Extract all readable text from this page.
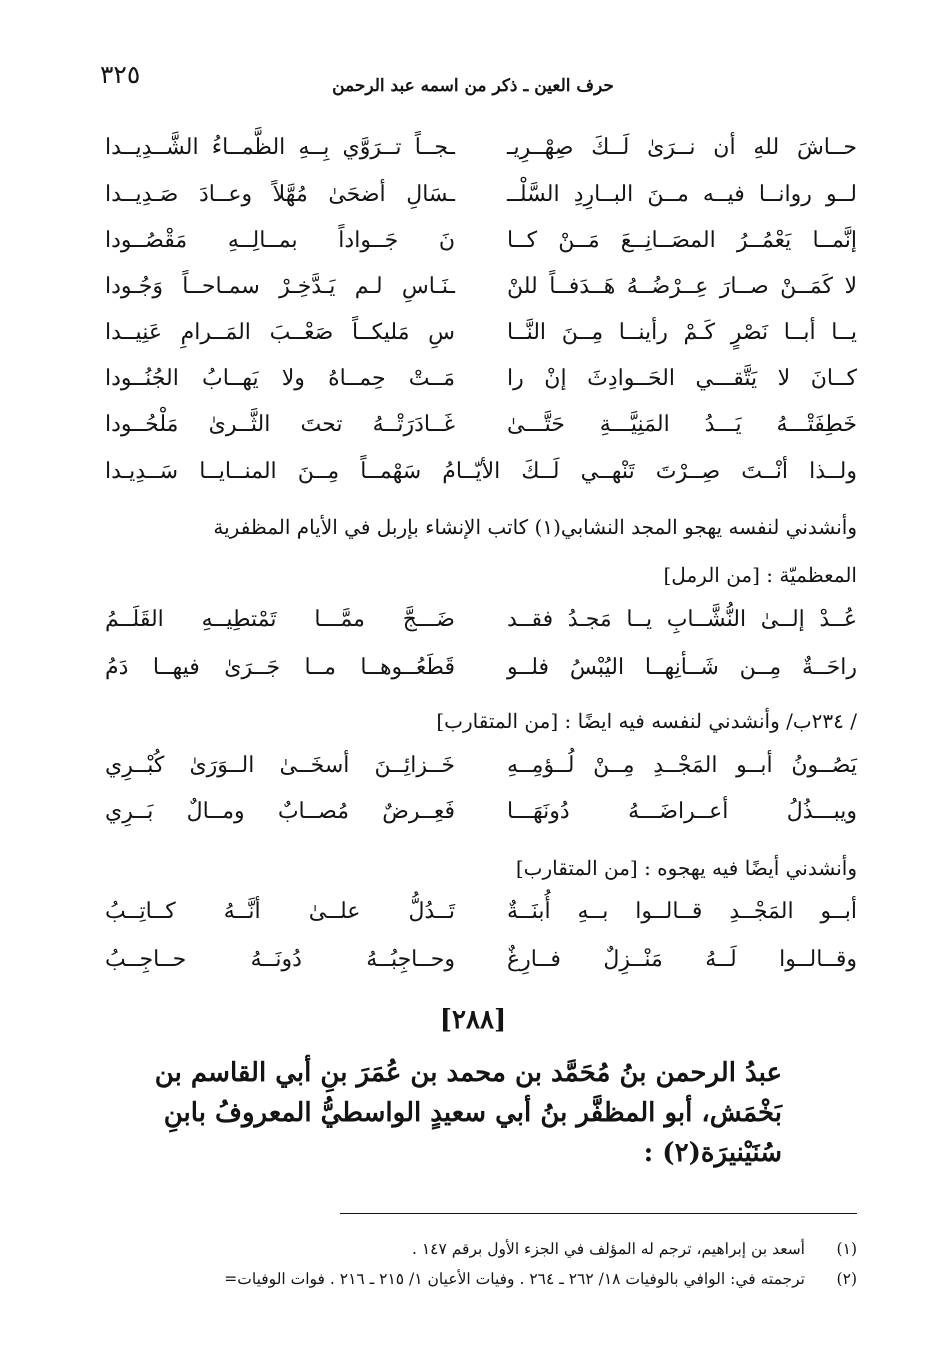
٣٢٥	حرف العين ـ ذكر من اسمه عبد الرحمن
حــاشَ للهِ أن نــرَىٰ لَــكَ صِهْــرِيـ
ـجــاً تــرَوَّي بِــهِ الظَّمــاءُ الشَّــدِيــدا
لــو روانــا فيــه مــنَ البــارِدِ السَّلْــ
ـسَالِ أضحَىٰ مُهَّلاً وعــادَ صَـدِيــدا
إنَّمــا يَعْمُــرُ المصَــانِــعَ مَــنْ كــا
نَ جَــواداً بمــالِــهِ مَقْصُــودا
لا كَمَــنْ صــارَ عِــرْضُــهُ هَــدَفــاً للنْ
ـنَـاسِ لـم يَـدَّخِـرْ سمـاحــاً وَجُـودا
يــا أبــا نَصْرٍ كَـمْ رأينــا مِــنَ النَّــا
سِ مَليكــاً صَعْــبَ المَــرامِ عَنِيــدا
كــانَ لا يَتَّقـــي الحَــوادِثَ إنْ را
مَــتْ حِمــاهُ ولا يَهــابُ الجُنُــودا
خَطِفَتْـــهُ يَـــدُ المَنِيَّـــةِ حَتَّـــىٰ
غَــادَرَتْــهُ تحتَ الثَّــرىٰ مَلْحُــودا
ولــذا أنْــتَ صِــرْتَ تَنْهــي لَــكَ الأيّــامُ سَهْمــاً مِــنَ المنــايــا سَــدِيـدا
وأنشدني لنفسه يهجو المجد النشابي(١) كاتب الإنشاء بإربل في الأيام المظفرية
المعظميّة : [من الرمل]
عُــدْ إلــىٰ النُّشَّــابِ يــا مَجـدُ فقــد
ضَـــجَّ ممَّـــا تَمْتطِيــهِ القَلَــمُ
راحَــةٌ مِــن شَــأنِهــا اليُبْسُ فلــو
قَطَعُــوهــا مــا جَــرَىٰ فيهــا دَمُ
/ ٢٣٤ب/ وأنشدني لنفسه فيه ايضًا : [من المتقارب]
يَصُــونُ أبــو المَجْــدِ مِــنْ لُــؤمِــهِ
خَــزائِــنَ أسخَــىٰ الــوَرَىٰ كُبْــرِي
ويبـــذُلُ أعــراضَـــهُ دُونَهَـــا
فَعِــرضٌ مُصــابٌ ومــالٌ بَــرِي
وأنشدني أيضًا فيه يهجوه : [من المتقارب]
أبــو المَجْــدِ قــالــوا بــهِ أُبنَــةٌ
تَــدُلُّ علــىٰ أنَّــهُ كــاتِــبُ
وقــالــوا لَــهُ مَنْــزِلٌ فــارِغٌ
وحــاجِبُــهُ دُونَــهُ حــاجِــبُ
[٢٨٨]
عبدُ الرحمن بنُ مُحَمَّد بن محمد بن عُمَرَ بنِ أبي القاسم بن
بَخْمَش، أبو المظفَّر بنُ أبي سعيدٍ الواسطيُّ المعروفُ بابنِ
سُنَيْنيرَة(٢) :
(١)أسعد بن إبراهيم، ترجم له المؤلف في الجزء الأول برقم ١٤٧ .
(٢)ترجمته في: الوافي بالوفيات ١٨/ ٢٦٢ ـ ٢٦٤ . وفيات الأعيان ١/ ٢١٥ ـ ٢١٦ . فوات الوفيات=
